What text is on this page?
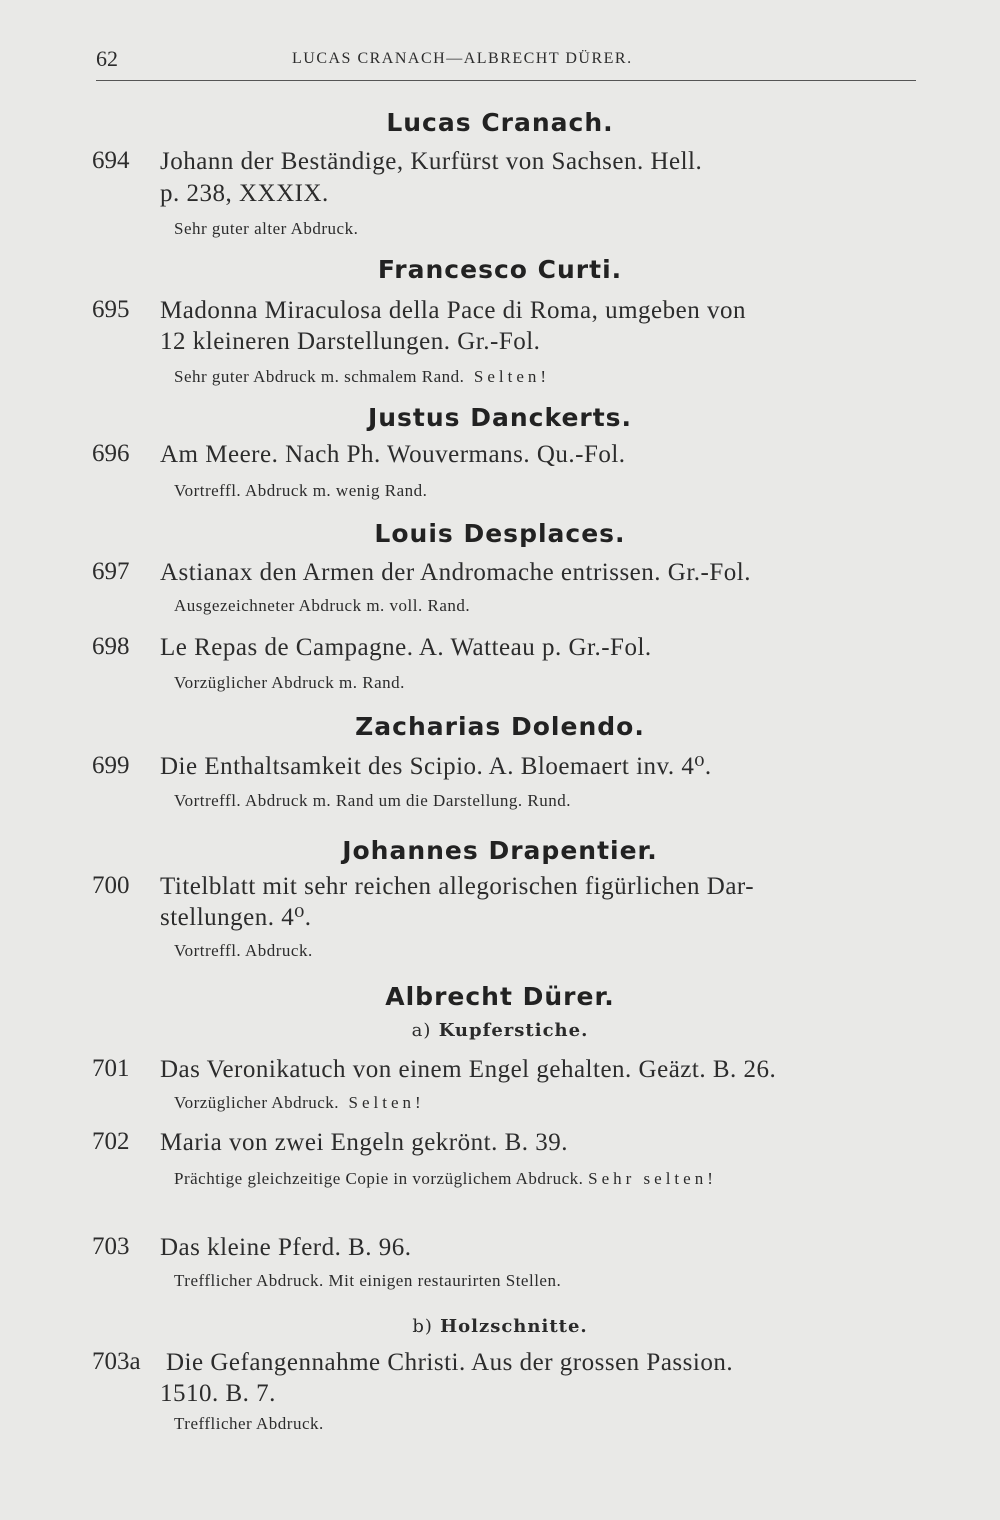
62	LUCAS CRANACH—ALBRECHT DÜRER.
Lucas Cranach.
694 Johann der Beständige, Kurfürst von Sachsen. Hell.
p. 238, XXXIX.
Sehr guter alter Abdruck.
Francesco Curti.
695 Madonna Miraculosa della Pace di Roma, umgeben von
12 kleineren Darstellungen. Gr.-Fol.
Sehr guter Abdruck m. schmalem Rand. Selten!
Justus Danckerts.
696 Am Meere. Nach Ph. Wouvermans. Qu.-Fol.
Vortreffl. Abdruck m. wenig Rand.
Louis Desplaces.
697 Astianax den Armen der Andromache entrissen. Gr.-Fol.
Ausgezeichneter Abdruck m. voll. Rand.
698 Le Repas de Campagne. A. Watteau p. Gr.-Fol.
Vorzüglicher Abdruck m. Rand.
Zacharias Dolendo.
699 Die Enthaltsamkeit des Scipio. A. Bloemaert inv. 4⁰.
Vortreffl. Abdruck m. Rand um die Darstellung. Rund.
Johannes Drapentier.
700 Titelblatt mit sehr reichen allegorischen figürlichen Dar-
stellungen. 4⁰.
Vortreffl. Abdruck.
Albrecht Dürer.
a) Kupferstiche.
701 Das Veronikatuch von einem Engel gehalten. Geäzt. B. 26.
Vorzüglicher Abdruck. Selten!
702 Maria von zwei Engeln gekrönt. B. 39.
Prächtige gleichzeitige Copie in vorzüglichem Abdruck. Sehr selten!
703 Das kleine Pferd. B. 96.
Trefflicher Abdruck. Mit einigen restaurirten Stellen.
b) Holzschnitte.
703a Die Gefangennahme Christi. Aus der grossen Passion.
1510. B. 7.
Trefflicher Abdruck.
